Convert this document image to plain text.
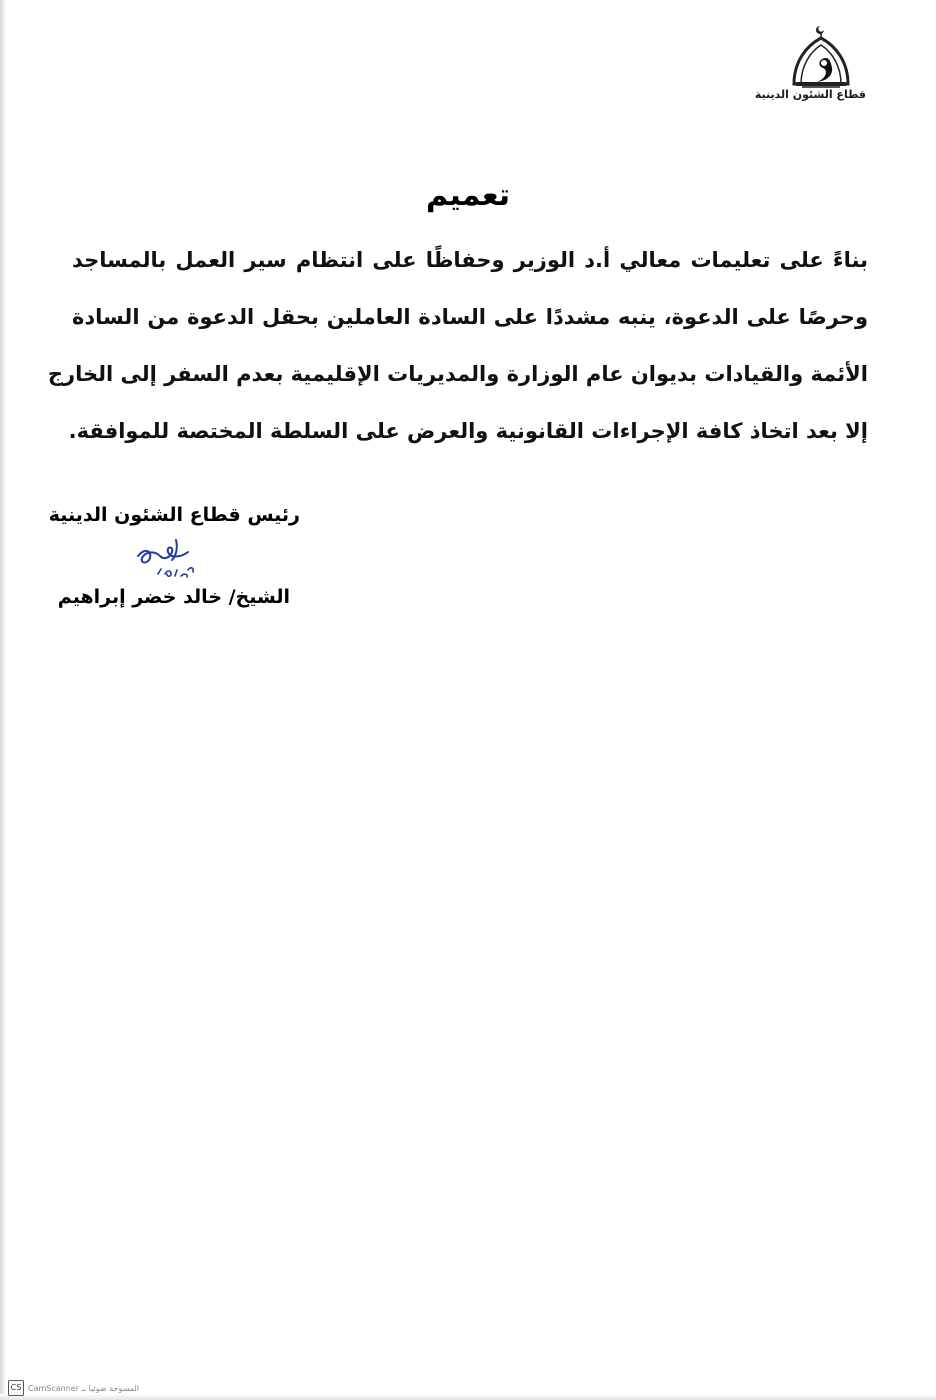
قطاع الشئون الدينية
تعميم
بناءً على تعليمات معالي أ.د الوزير وحفاظًا على انتظام سير العمل بالمساجد
وحرصًا على الدعوة، ينبه مشددًا على السادة العاملين بحقل الدعوة من السادة
الأئمة والقيادات بديوان عام الوزارة والمديريات الإقليمية بعدم السفر إلى الخارج
إلا بعد اتخاذ كافة الإجراءات القانونية والعرض على السلطة المختصة للموافقة.
رئيس قطاع الشئون الدينية
الشيخ/ خالد خضر إبراهيم
CS المسوحة ضوئيا بـ CamScanner
